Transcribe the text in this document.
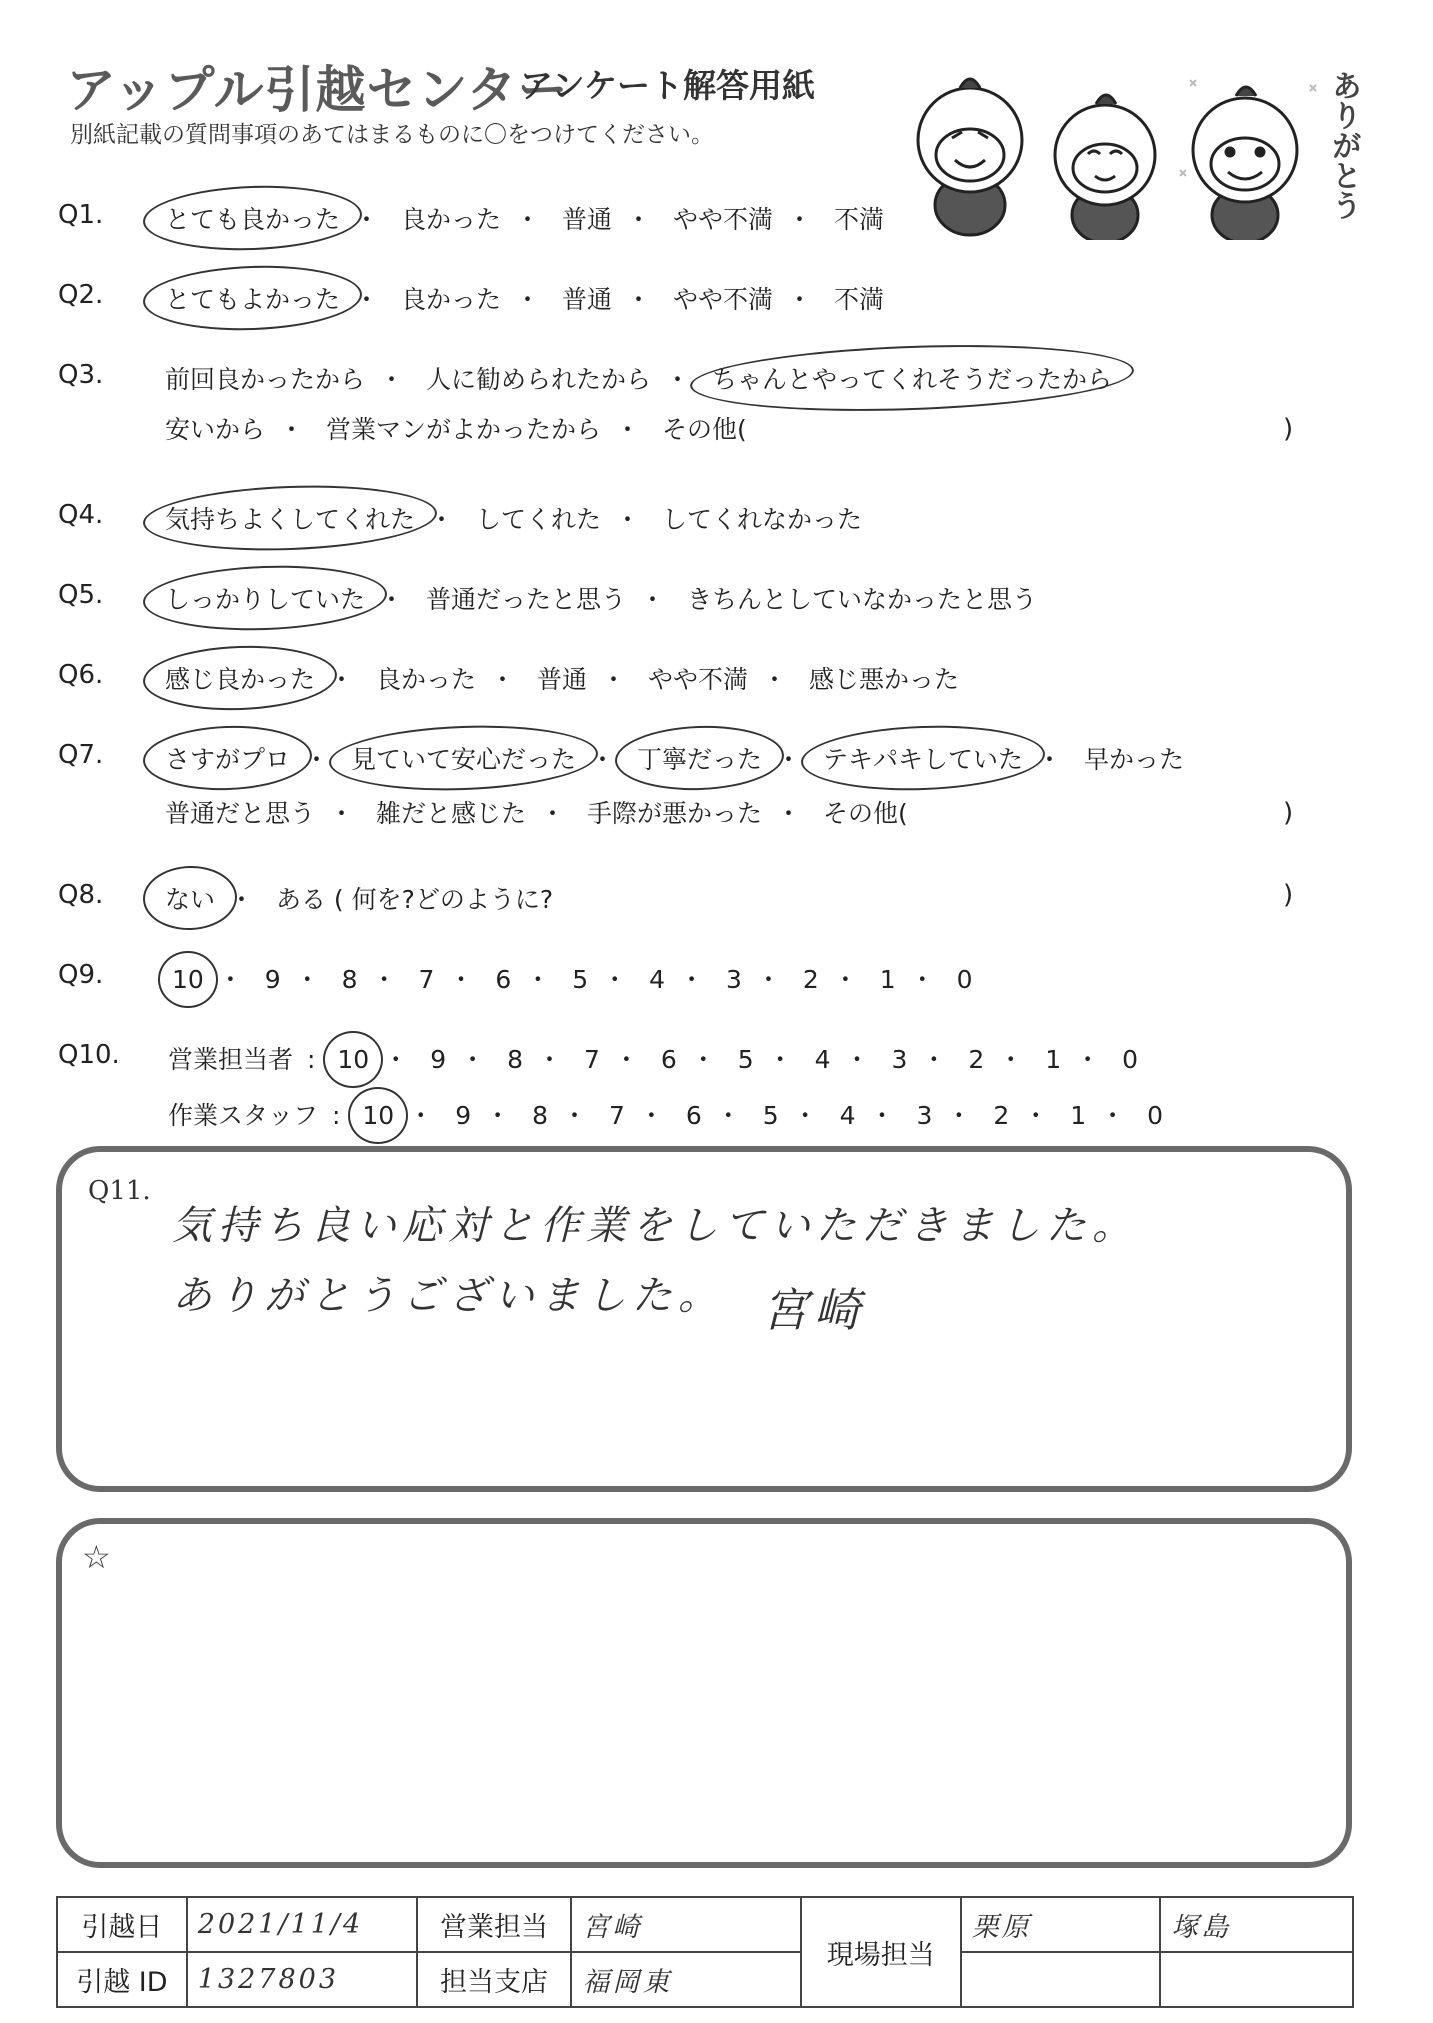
アップル引越センター
アンケート解答用紙
別紙記載の質問事項のあてはまるものに〇をつけてください。	ありがとう
Q1. とても良かった ・ 良かった ・ 普通 ・ やや不満 ・ 不満
Q2. とてもよかった ・ 良かった ・ 普通 ・ やや不満 ・ 不満
Q3. 前回良かったから ・ 人に勧められたから ・ ちゃんとやってくれそうだったから
安いから ・ 営業マンがよかったから ・ その他(	)
Q4. 気持ちよくしてくれた ・ してくれた ・ してくれなかった
Q5. しっかりしていた ・ 普通だったと思う ・ きちんとしていなかったと思う
Q6. 感じ良かった ・ 良かった ・ 普通 ・ やや不満 ・ 感じ悪かった
Q7. さすがプロ ・ 見ていて安心だった ・ 丁寧だった ・ テキパキしていた ・ 早かった
普通だと思う ・ 雑だと感じた ・ 手際が悪かった ・ その他(	)
Q8. ない ・ ある ( 何を?どのように?	)
Q9.	10 ・ 9 ・ 8 ・ 7 ・ 6 ・ 5 ・ 4 ・ 3 ・ 2 ・ 1 ・ 0
Q10. 営業担当者 : 10 ・ 9 ・ 8 ・ 7 ・ 6 ・ 5 ・ 4 ・ 3 ・ 2 ・ 1 ・ 0
作業スタッフ : 10 ・ 9 ・ 8 ・ 7 ・ 6 ・ 5 ・ 4 ・ 3 ・ 2 ・ 1 ・ 0
Q11.
気持ち良い応対と作業をしていただきました。
ありがとうございました。 宮崎
☆
引越日	2021/11/4	営業担当	宮崎	現場担当	栗原	塚島
引越 ID	1327803	担当支店	福岡東			
